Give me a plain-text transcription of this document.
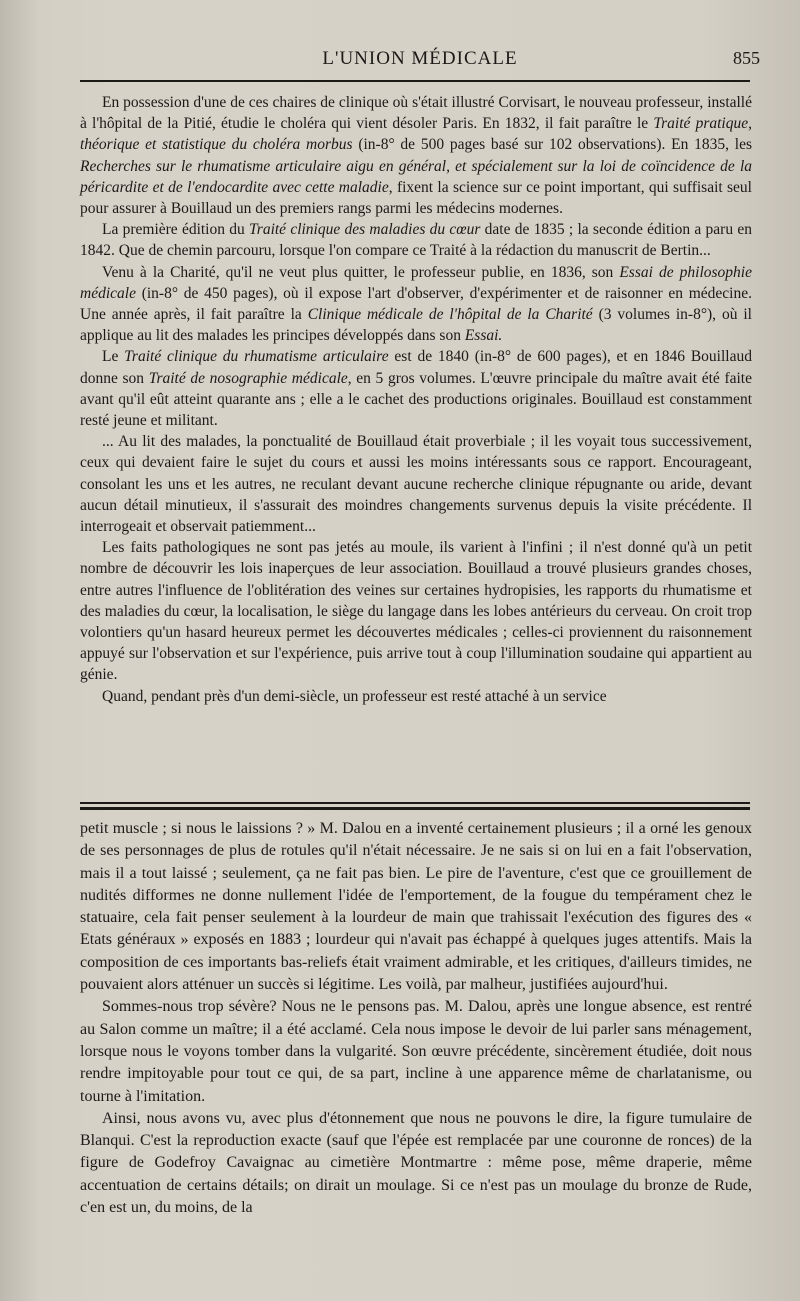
L'UNION MÉDICALE	855

En possession d'une de ces chaires de clinique où s'était illustré Corvisart, le nouveau professeur, installé à l'hôpital de la Pitié, étudie le choléra qui vient désoler Paris. En 1832, il fait paraître le Traité pratique, théorique et statistique du choléra morbus (in-8° de 500 pages basé sur 102 observations). En 1835, les Recherches sur le rhumatisme articulaire aigu en général, et spécialement sur la loi de coïncidence de la péricardite et de l'endocardite avec cette maladie, fixent la science sur ce point important, qui suffisait seul pour assurer à Bouillaud un des premiers rangs parmi les médecins modernes.

La première édition du Traité clinique des maladies du cœur date de 1835 ; la seconde édition a paru en 1842. Que de chemin parcouru, lorsque l'on compare ce Traité à la rédaction du manuscrit de Bertin...

Venu à la Charité, qu'il ne veut plus quitter, le professeur publie, en 1836, son Essai de philosophie médicale (in-8° de 450 pages), où il expose l'art d'observer, d'expérimenter et de raisonner en médecine. Une année après, il fait paraître la Clinique médicale de l'hôpital de la Charité (3 volumes in-8°), où il applique au lit des malades les principes développés dans son Essai.

Le Traité clinique du rhumatisme articulaire est de 1840 (in-8° de 600 pages), et en 1846 Bouillaud donne son Traité de nosographie médicale, en 5 gros volumes. L'œuvre principale du maître avait été faite avant qu'il eût atteint quarante ans ; elle a le cachet des productions originales. Bouillaud est constamment resté jeune et militant.

... Au lit des malades, la ponctualité de Bouillaud était proverbiale ; il les voyait tous successivement, ceux qui devaient faire le sujet du cours et aussi les moins intéressants sous ce rapport. Encourageant, consolant les uns et les autres, ne reculant devant aucune recherche clinique répugnante ou aride, devant aucun détail minutieux, il s'assurait des moindres changements survenus depuis la visite précédente. Il interrogeait et observait patiemment...

Les faits pathologiques ne sont pas jetés au moule, ils varient à l'infini ; il n'est donné qu'à un petit nombre de découvrir les lois inaperçues de leur association. Bouillaud a trouvé plusieurs grandes choses, entre autres l'influence de l'oblitération des veines sur certaines hydropisies, les rapports du rhumatisme et des maladies du cœur, la localisation, le siège du langage dans les lobes antérieurs du cerveau. On croit trop volontiers qu'un hasard heureux permet les découvertes médicales ; celles-ci proviennent du raisonnement appuyé sur l'observation et sur l'expérience, puis arrive tout à coup l'illumination soudaine qui appartient au génie.

Quand, pendant près d'un demi-siècle, un professeur est resté attaché à un service

petit muscle ; si nous le laissions ? » M. Dalou en a inventé certainement plusieurs ; il a orné les genoux de ses personnages de plus de rotules qu'il n'était nécessaire. Je ne sais si on lui en a fait l'observation, mais il a tout laissé ; seulement, ça ne fait pas bien. Le pire de l'aventure, c'est que ce grouillement de nudités difformes ne donne nullement l'idée de l'emportement, de la fougue du tempérament chez le statuaire, cela fait penser seulement à la lourdeur de main que trahissait l'exécution des figures des « Etats généraux » exposés en 1883 ; lourdeur qui n'avait pas échappé à quelques juges attentifs. Mais la composition de ces importants bas-reliefs était vraiment admirable, et les critiques, d'ailleurs timides, ne pouvaient alors atténuer un succès si légitime. Les voilà, par malheur, justifiées aujourd'hui.

Sommes-nous trop sévère? Nous ne le pensons pas. M. Dalou, après une longue absence, est rentré au Salon comme un maître; il a été acclamé. Cela nous impose le devoir de lui parler sans ménagement, lorsque nous le voyons tomber dans la vulgarité. Son œuvre précédente, sincèrement étudiée, doit nous rendre impitoyable pour tout ce qui, de sa part, incline à une apparence même de charlatanisme, ou tourne à l'imitation.

Ainsi, nous avons vu, avec plus d'étonnement que nous ne pouvons le dire, la figure tumulaire de Blanqui. C'est la reproduction exacte (sauf que l'épée est remplacée par une couronne de ronces) de la figure de Godefroy Cavaignac au cimetière Montmartre : même pose, même draperie, même accentuation de certains détails; on dirait un moulage. Si ce n'est pas un moulage du bronze de Rude, c'en est un, du moins, de la
